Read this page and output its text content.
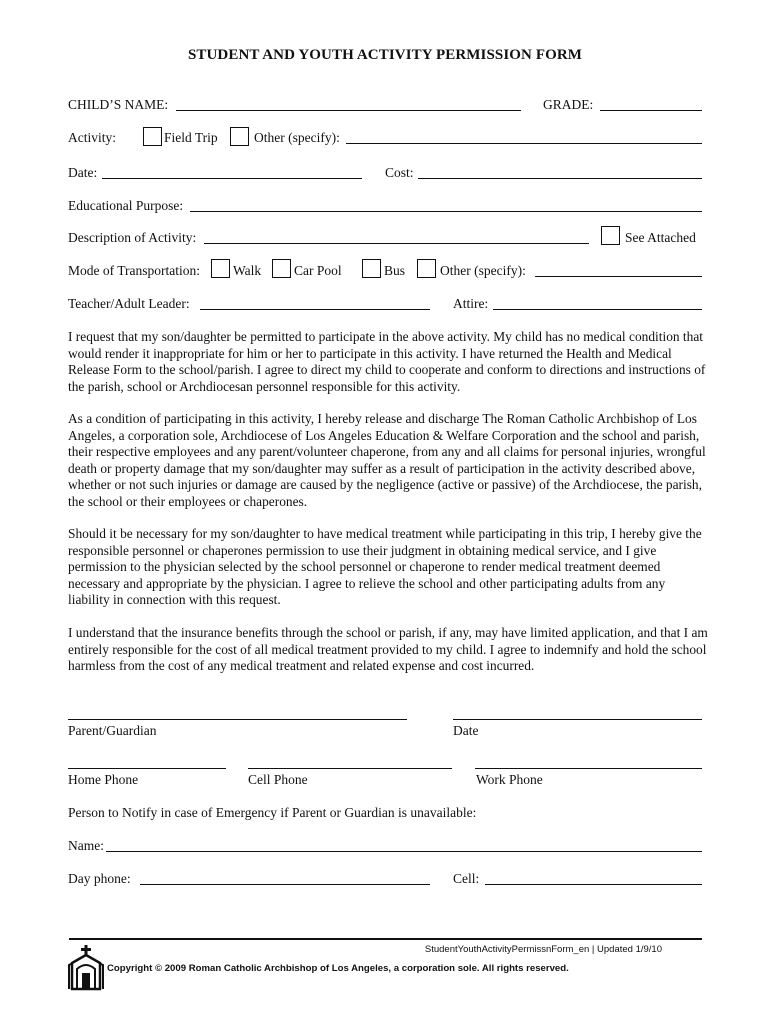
STUDENT AND YOUTH ACTIVITY PERMISSION FORM
CHILD’S NAME:	GRADE:
Activity:	Field Trip	Other (specify):
Date:	Cost:
Educational Purpose:
Description of Activity:	See Attached
Mode of Transportation: Walk Car Pool	Bus	Other (specify):
Teacher/Adult Leader:	Attire:
I request that my son/daughter be permitted to participate in the above activity. My child has no medical condition that would render it inappropriate for him or her to participate in this activity. I have returned the Health and Medical Release Form to the school/parish. I agree to direct my child to cooperate and conform to directions and instructions of the parish, school or Archdiocesan personnel responsible for this activity.
As a condition of participating in this activity, I hereby release and discharge The Roman Catholic Archbishop of Los Angeles, a corporation sole, Archdiocese of Los Angeles Education & Welfare Corporation and the school and parish, their respective employees and any parent/volunteer chaperone, from any and all claims for personal injuries, wrongful death or property damage that my son/daughter may suffer as a result of participation in the activity described above, whether or not such injuries or damage are caused by the negligence (active or passive) of the Archdiocese, the parish, the school or their employees or chaperones.
Should it be necessary for my son/daughter to have medical treatment while participating in this trip, I hereby give the responsible personnel or chaperones permission to use their judgment in obtaining medical service, and I give permission to the physician selected by the school personnel or chaperone to render medical treatment deemed necessary and appropriate by the physician. I agree to relieve the school and other participating adults from any liability in connection with this request.
I understand that the insurance benefits through the school or parish, if any, may have limited application, and that I am entirely responsible for the cost of all medical treatment provided to my child. I agree to indemnify and hold the school harmless from the cost of any medical treatment and related expense and cost incurred.
Parent/Guardian	Date
Home Phone	Cell Phone	Work Phone
Person to Notify in case of Emergency if Parent or Guardian is unavailable:
Name:
Day phone:	Cell:
StudentYouthActivityPermissnForm_en | Updated 1/9/10
Copyright © 2009 Roman Catholic Archbishop of Los Angeles, a corporation sole. All rights reserved.
